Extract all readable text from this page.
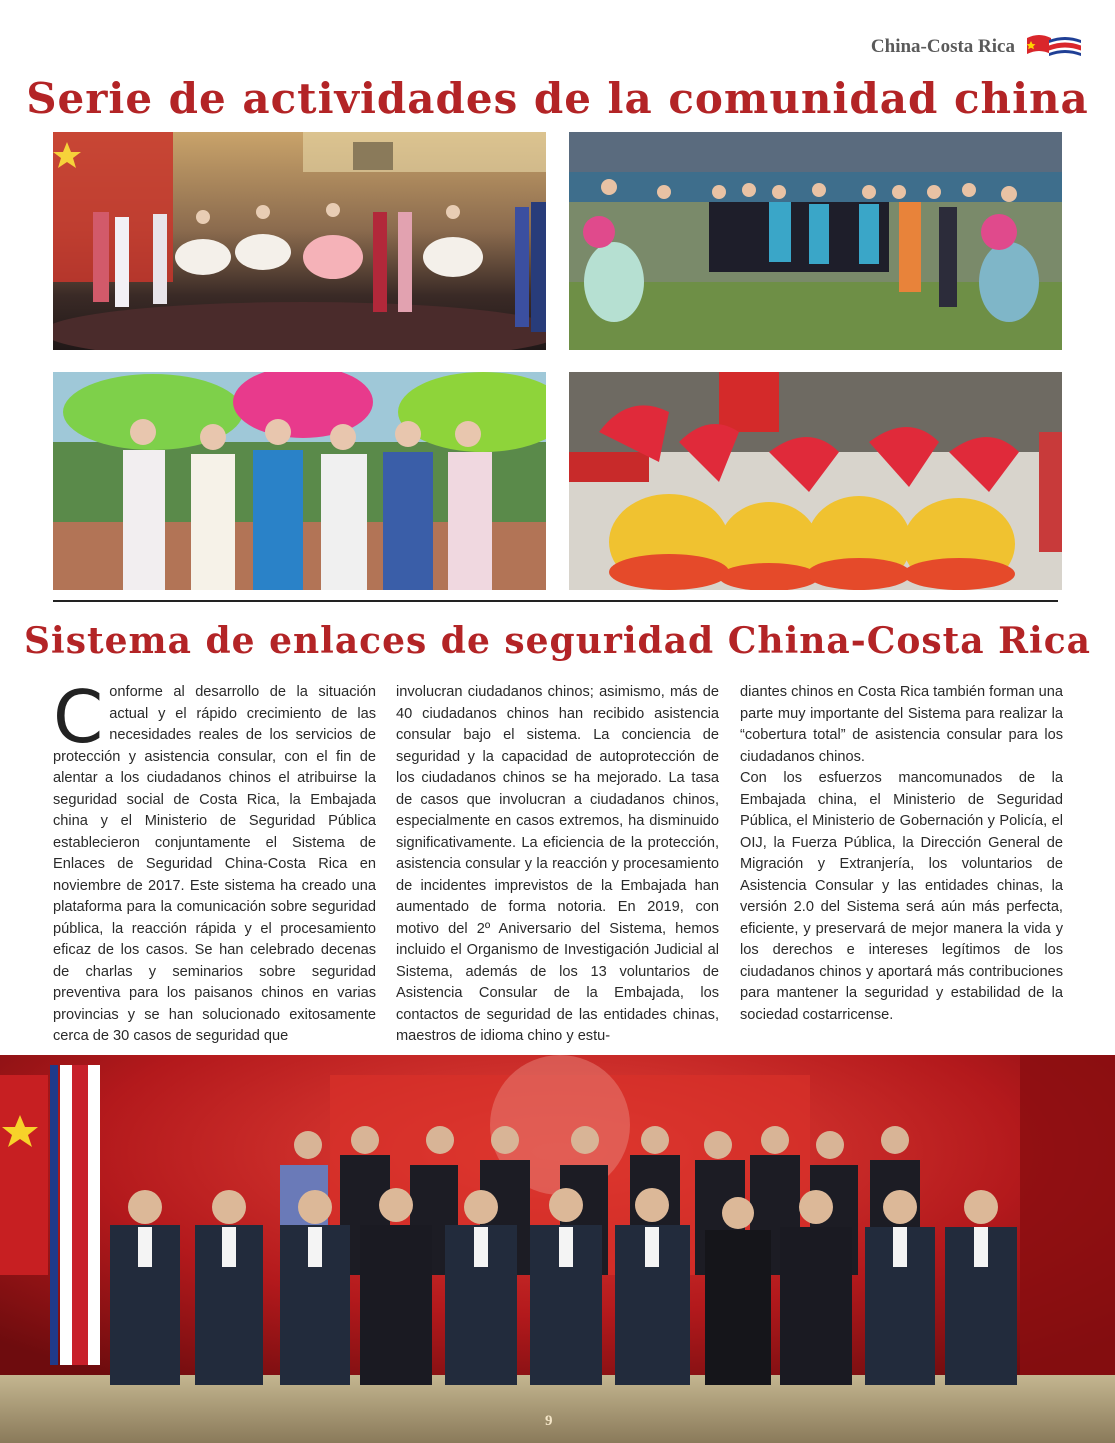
China-Costa Rica
Serie de actividades de la comunidad china
Sistema de enlaces de seguridad China-Costa Rica
C onforme al desarrollo de la situación actual y el rápido crecimiento de las necesidades reales de los servicios de protección y asistencia consular, con el fin de alentar a los ciudadanos chinos el atribuirse la seguridad social de Costa Rica, la Embajada china y el Ministerio de Seguridad Pública establecieron conjuntamente el Sistema de Enlaces de Seguridad China-Costa Rica en noviembre de 2017. Este sistema ha creado una plataforma para la comunicación sobre seguridad pública, la reacción rápida y el procesamiento eficaz de los casos. Se han celebrado decenas de charlas y seminarios sobre seguridad preventiva para los paisanos chinos en varias provincias y se han solucionado exitosamente cerca de 30 casos de seguridad que
involucran ciudadanos chinos; asimismo, más de 40 ciudadanos chinos han recibido asistencia consular bajo el sistema. La conciencia de seguridad y la capacidad de autoprotección de los ciudadanos chinos se ha mejorado. La tasa de casos que involucran a ciudadanos chinos, especialmente en casos extremos, ha disminuido significativamente. La eficiencia de la protección, asistencia consular y la reacción y procesamiento de incidentes imprevistos de la Embajada han aumentado de forma notoria. En 2019, con motivo del 2º Aniversario del Sistema, hemos incluido el Organismo de Investigación Judicial al Sistema, además de los 13 voluntarios de Asistencia Consular de la Embajada, los contactos de seguridad de las entidades chinas, maestros de idioma chino y estu-

diantes chinos en Costa Rica también forman una parte muy importante del Sistema para realizar la “cobertura total” de asistencia consular para los ciudadanos chinos.

Con los esfuerzos mancomunados de la Embajada china, el Ministerio de Seguridad Pública, el Ministerio de Gobernación y Policía, el OIJ, la Fuerza Pública, la Dirección General de Migración y Extranjería, los voluntarios de Asistencia Consular y las entidades chinas, la versión 2.0 del Sistema será aún más perfecta, eficiente, y preservará de mejor manera la vida y los derechos e intereses legítimos de los ciudadanos chinos y aportará más contribuciones para mantener la seguridad y estabilidad de la sociedad costarricense.

9
